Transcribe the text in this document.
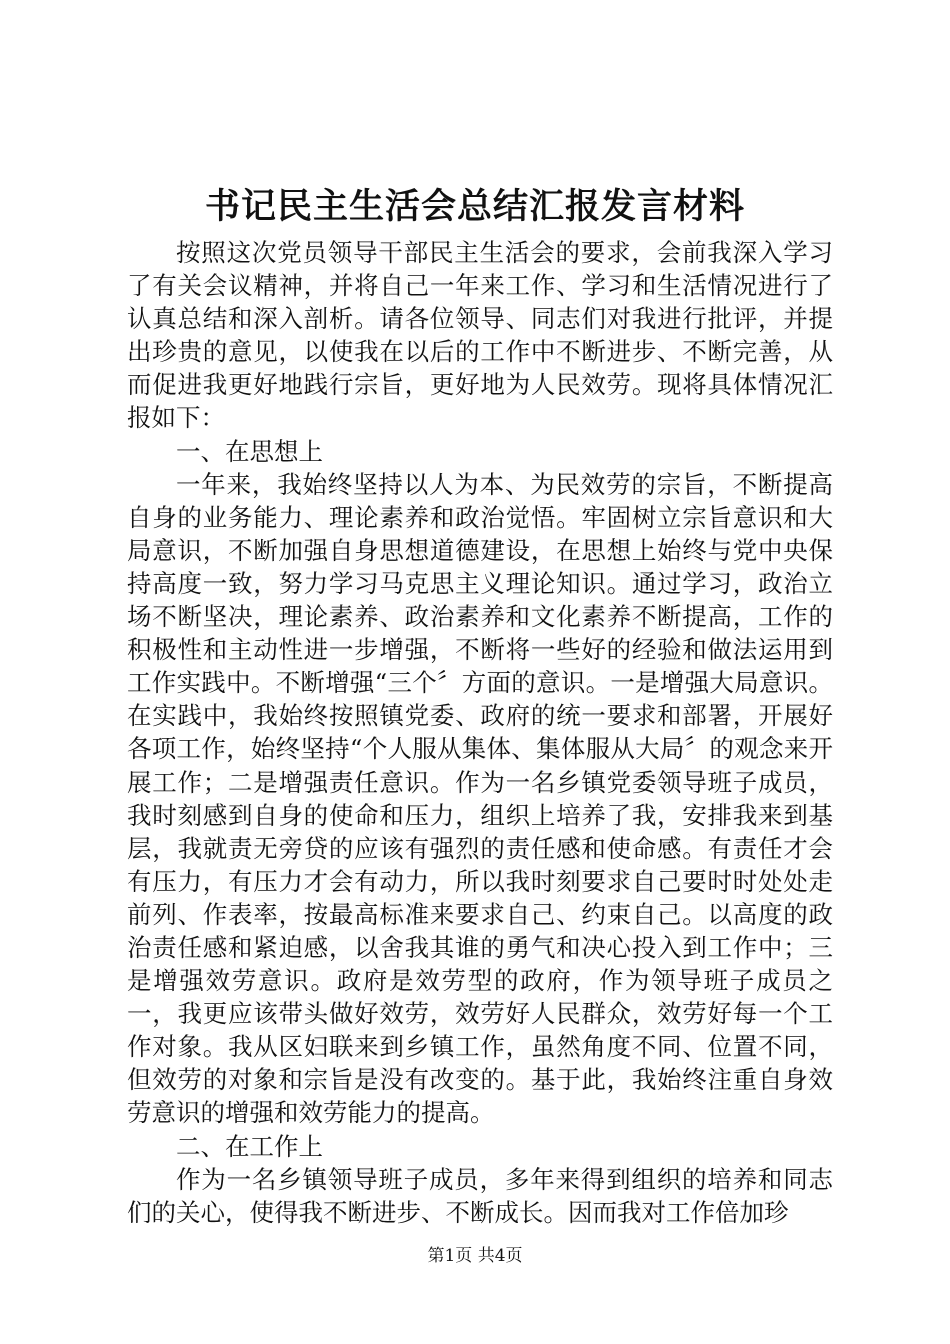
书记民主生活会总结汇报发言材料

按照这次党员领导干部民主生活会的要求，会前我深入学习了有关会议精神，并将自己一年来工作、学习和生活情况进行了认真总结和深入剖析。请各位领导、同志们对我进行批评，并提出珍贵的意见，以使我在以后的工作中不断进步、不断完善，从而促进我更好地践行宗旨，更好地为人民效劳。现将具体情况汇报如下：

一、在思想上

一年来，我始终坚持以人为本、为民效劳的宗旨，不断提高自身的业务能力、理论素养和政治觉悟。牢固树立宗旨意识和大局意识，不断加强自身思想道德建设，在思想上始终与党中央保持高度一致，努力学习马克思主义理论知识。通过学习，政治立场不断坚决，理论素养、政治素养和文化素养不断提高，工作的积极性和主动性进一步增强，不断将一些好的经验和做法运用到工作实践中。不断增强“三个〞方面的意识。一是增强大局意识。在实践中，我始终按照镇党委、政府的统一要求和部署，开展好各项工作，始终坚持“个人服从集体、集体服从大局〞的观念来开展工作；二是增强责任意识。作为一名乡镇党委领导班子成员，我时刻感到自身的使命和压力，组织上培养了我，安排我来到基层，我就责无旁贷的应该有强烈的责任感和使命感。有责任才会有压力，有压力才会有动力，所以我时刻要求自己要时时处处走前列、作表率，按最高标准来要求自己、约束自己。以高度的政治责任感和紧迫感，以舍我其谁的勇气和决心投入到工作中；三是增强效劳意识。政府是效劳型的政府，作为领导班子成员之一，我更应该带头做好效劳，效劳好人民群众，效劳好每一个工作对象。我从区妇联来到乡镇工作，虽然角度不同、位置不同，但效劳的对象和宗旨是没有改变的。基于此，我始终注重自身效劳意识的增强和效劳能力的提高。

二、在工作上

作为一名乡镇领导班子成员，多年来得到组织的培养和同志们的关心，使得我不断进步、不断成长。因而我对工作倍加珍

第1页 共4页
